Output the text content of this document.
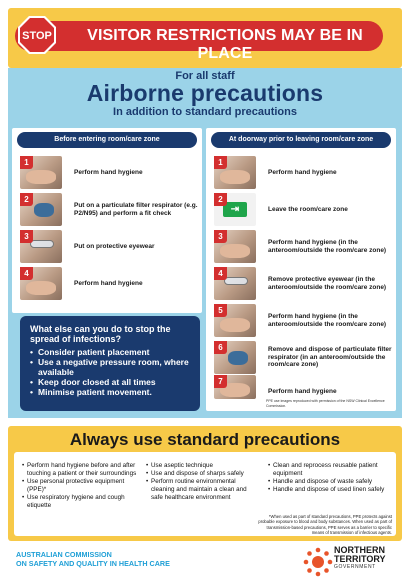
STOP	VISITOR RESTRICTIONS MAY BE IN PLACE
For all staff
Airborne precautions
In addition to standard precautions
Before entering room/care zone	At doorway prior to leaving room/care zone
1
Perform hand hygiene
2
Put on a particulate filter respirator (e.g. P2/N95) and perform a fit check
3
Put on protective eyewear
4
Perform hand hygiene
1
Perform hand hygiene
⇥
2
Leave the room/care zone
3
Perform hand hygiene (in the anteroom/outside the room/care zone)
4
Remove protective eyewear (in the anteroom/outside the room/care zone)
5
Perform hand hygiene (in the anteroom/outside the room/care zone)
6	Remove and dispose of particulate filter respirator (in an anteroom/outside the room/care zone)
7
Perform hand hygiene
PPE use images reproduced with permission of the NSW Clinical Excellence Commission.
What else can you do to stop the spread of infections?
• Consider patient placement
• Use a negative pressure room, where available
• Keep door closed at all times
• Minimise patient movement.
Always use standard precautions
• Perform hand hygiene before and after touching a patient or their surroundings
• Use personal protective equipment (PPE)*
• Use respiratory hygiene and cough etiquette
• Use aseptic technique
• Use and dispose of sharps safely
• Perform routine environmental cleaning and maintain a clean and safe healthcare environment
• Clean and reprocess reusable patient equipment
• Handle and dispose of waste safely
• Handle and dispose of used linen safely
*When used as part of standard precautions, PPE protects against probable exposure to blood and body substances. When used as part of transmission-based precautions, PPE serves as a barrier to specific means of transmission of infectious agents.
AUSTRALIAN COMMISSION
ON SAFETY AND QUALITY IN HEALTH CARE
NORTHERN
TERRITORY
GOVERNMENT
